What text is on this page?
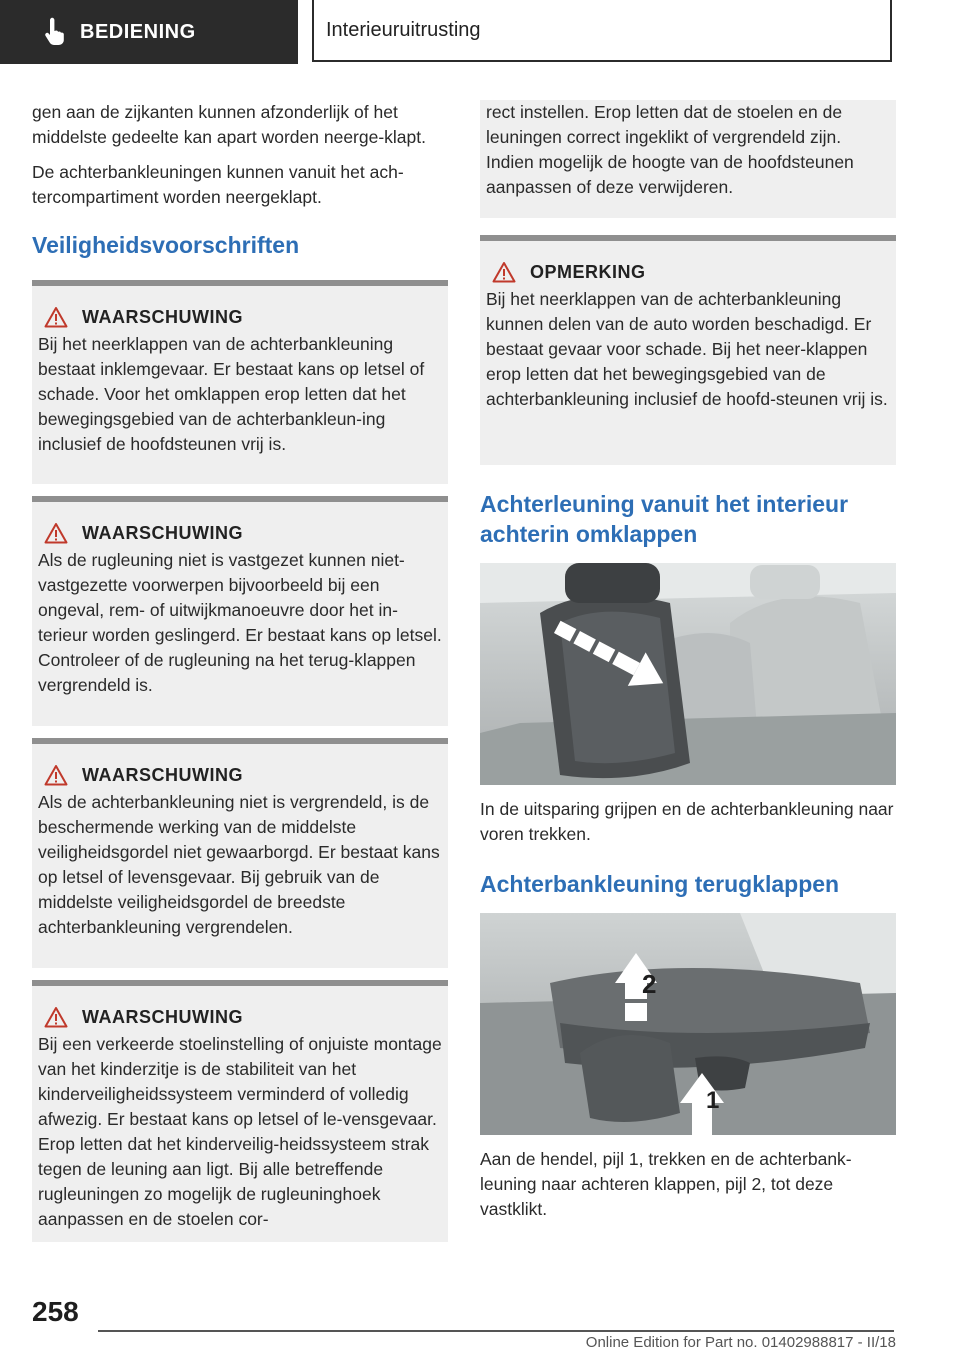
BEDIENING	Interieuruitrusting

gen aan de zijkanten kunnen afzonderlijk of het middelste gedeelte kan apart worden neerge-klapt.

De achterbankleuningen kunnen vanuit het ach-tercompartiment worden neergeklapt.

Veiligheidsvoorschriften
WAARSCHUWING

Bij het neerklappen van de achterbankleuning bestaat inklemgevaar. Er bestaat kans op letsel of schade. Voor het omklappen erop letten dat het bewegingsgebied van de achterbankleun-ing inclusief de hoofdsteunen vrij is.

WAARSCHUWING

Als de rugleuning niet is vastgezet kunnen niet-vastgezette voorwerpen bijvoorbeeld bij een ongeval, rem- of uitwijkmanoeuvre door het in-terieur worden geslingerd. Er bestaat kans op letsel. Controleer of de rugleuning na het terug-klappen vergrendeld is.

WAARSCHUWING

Als de achterbankleuning niet is vergrendeld, is de beschermende werking van de middelste veiligheidsgordel niet gewaarborgd. Er bestaat kans op letsel of levensgevaar. Bij gebruik van de middelste veiligheidsgordel de breedste achterbankleuning vergrendelen.

WAARSCHUWING

Bij een verkeerde stoelinstelling of onjuiste montage van het kinderzitje is de stabiliteit van het kinderveiligheidssysteem verminderd of volledig afwezig. Er bestaat kans op letsel of le-vensgevaar. Erop letten dat het kinderveilig-heidssysteem strak tegen de leuning aan ligt. Bij alle betreffende rugleuningen zo mogelijk de rugleuninghoek aanpassen en de stoelen cor-

rect instellen. Erop letten dat de stoelen en de leuningen correct ingeklikt of vergrendeld zijn. Indien mogelijk de hoogte van de hoofdsteunen aanpassen of deze verwijderen.

OPMERKING

Bij het neerklappen van de achterbankleuning kunnen delen van de auto worden beschadigd. Er bestaat gevaar voor schade. Bij het neer-klappen erop letten dat het bewegingsgebied van de achterbankleuning inclusief de hoofd-steunen vrij is.

Achterleuning vanuit het interieur achterin omklappen

In de uitsparing grijpen en de achterbankleuning naar voren trekken.

Achterbankleuning terugklappen
2
1

Aan de hendel, pijl 1, trekken en de achterbank-leuning naar achteren klappen, pijl 2, tot deze vastklikt.

258
Online Edition for Part no. 01402988817 - II/18
